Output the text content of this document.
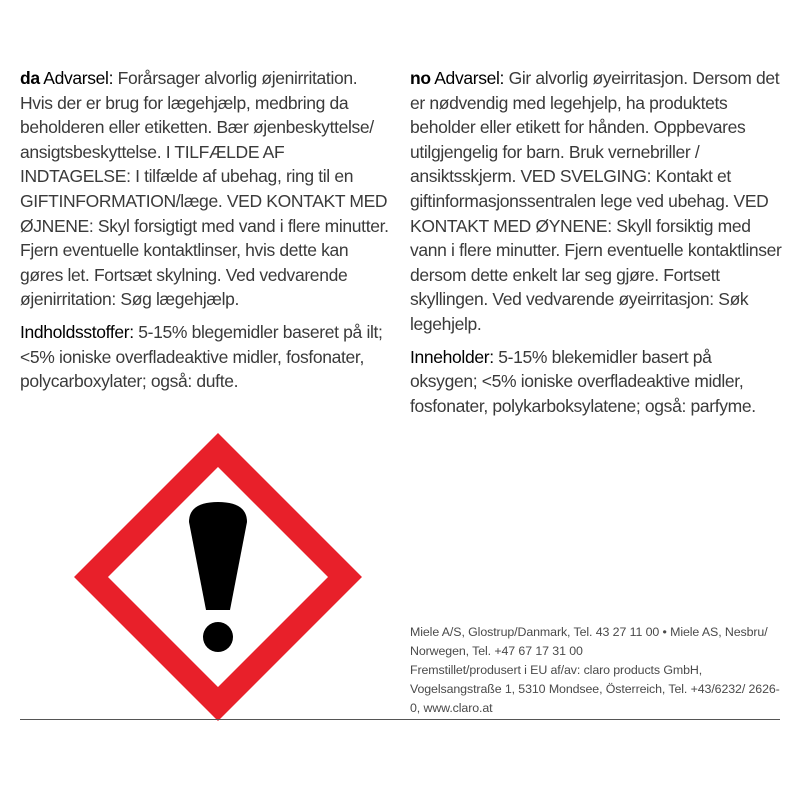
da Advarsel: Forårsager alvorlig øjenirritation. Hvis der er brug for lægehjælp, medbring da beholderen eller etiketten. Bær øjenbeskyttelse/ ansigtsbeskyttelse. I TILFÆLDE AF INDTAGELSE: I tilfælde af ubehag, ring til en GIFTINFORMATION/læge. VED KONTAKT MED ØJNENE: Skyl forsigtigt med vand i flere minutter. Fjern eventuelle kontaktlinser, hvis dette kan gøres let. Fortsæt skylning. Ved vedvarende øjenirritation: Søg lægehjælp.

Indholdsstoffer: 5-15% blegemidler baseret på ilt; <5% ioniske overfladeaktive midler, fosfonater, polycarboxylater; også: dufte.

no Advarsel: Gir alvorlig øyeirritasjon. Dersom det er nødvendig med legehjelp, ha produktets beholder eller etikett for hånden. Oppbevares utilgjengelig for barn. Bruk vernebriller / ansiktsskjerm. VED SVELGING: Kontakt et giftinformasjonssentralen lege ved ubehag. VED KONTAKT MED ØYNENE: Skyll forsiktig med vann i flere minutter. Fjern eventuelle kontaktlinser dersom dette enkelt lar seg gjøre. Fortsett skyllingen. Ved vedvarende øyeirritasjon: Søk legehjelp.

Inneholder: 5-15% blekemidler basert på oksygen; <5% ioniske overfladeaktive midler, fosfonater, polykarboksylatene; også: parfyme.

Miele A/S, Glostrup/Danmark, Tel. 43 27 11 00 • Miele AS, Nesbru/ Norwegen, Tel. +47 67 17 31 00

Fremstillet/produsert i EU af/av: claro products GmbH, Vogelsangstraße 1, 5310 Mondsee, Österreich, Tel. +43/6232/ 2626-0, www.claro.at
